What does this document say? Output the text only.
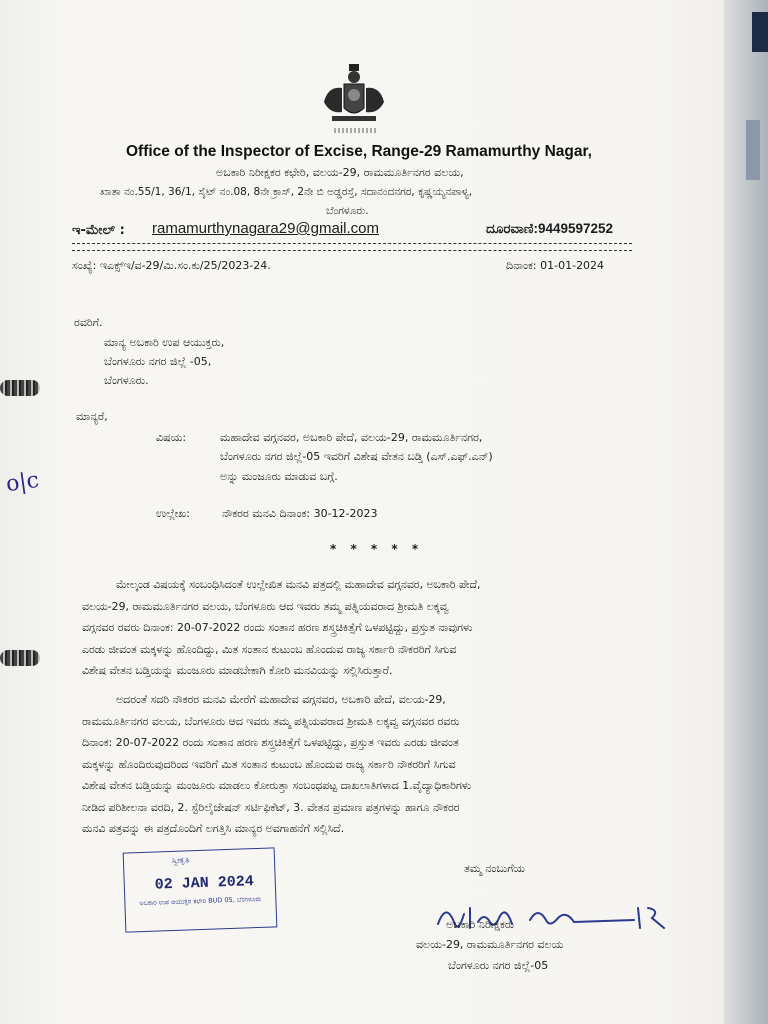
Office of the Inspector of Excise, Range-29 Ramamurthy Nagar,
ಅಬಕಾರಿ ನಿರೀಕ್ಷಕರ ಕಛೇರಿ, ವಲಯ-29, ರಾಮಮೂರ್ತಿನಗರ ವಲಯ,
ಖಾತಾ ನಂ.55/1, 36/1, ಸೈಟ್ ನಂ.08, 8ನೇ ಕ್ರಾಸ್, 2ನೇ ಬಿ ಅಡ್ಡರಸ್ತೆ, ಸದಾನಂದನಗರ, ಕೃಷ್ಣಯ್ಯನಪಾಳ್ಯ,
ಬೆಂಗಳೂರು.
ಇ-ಮೇಲ್ : ramamurthynagara29@gmail.com	ದೂರವಾಣಿ:9449597252
ಸಂಖ್ಯೆ: ಇಎಕ್ಸ್‌ಇ/ವ-29/ಮಿ.ಸಂ.ಕು/25/2023-24.	ದಿನಾಂಕ: 01-01-2024
ರವರಿಗೆ.
ಮಾನ್ಯ ಅಬಕಾರಿ ಉಪ ಆಯುಕ್ತರು,
ಬೆಂಗಳೂರು ನಗರ ಜಿಲ್ಲೆ -05,
ಬೆಂಗಳೂರು.
ಮಾನ್ಯರೆ,
ವಿಷಯ:	ಮಹಾದೇವ ವಗ್ಗನವರ, ಅಬಕಾರಿ ಪೇದೆ, ವಲಯ-29, ರಾಮಮೂರ್ತಿನಗರ,
ಬೆಂಗಳೂರು ನಗರ ಜಿಲ್ಲೆ-05 ಇವರಿಗೆ ವಿಶೇಷ ವೇತನ ಬಡ್ತಿ (ಎಸ್.ಎಫ್.ಎನ್)
ಅನ್ನು ಮಂಜೂರು ಮಾಡುವ ಬಗ್ಗೆ.
ಉಲ್ಲೇಖ:	ನೌಕರರ ಮನವಿ ದಿನಾಂಕ: 30-12-2023
* * * * *
ಮೇಲ್ಕಂಡ ವಿಷಯಕ್ಕೆ ಸಂಬಂಧಿಸಿದಂತೆ ಉಲ್ಲೇಖಿತ ಮನವಿ ಪತ್ರದಲ್ಲಿ ಮಹಾದೇವ ವಗ್ಗನವರ, ಅಬಕಾರಿ ಪೇದೆ,
ವಲಯ-29, ರಾಮಮೂರ್ತಿನಗರ ವಲಯ, ಬೆಂಗಳೂರು ಆದ ಇವರು ತಮ್ಮ ಪತ್ನಿಯವರಾದ ಶ್ರೀಮತಿ ಲಕ್ಕವ್ವ
ವಗ್ಗನವರ ರವರು ದಿನಾಂಕ: 20-07-2022 ರಂದು ಸಂತಾನ ಹರಣ ಶಸ್ತ್ರಚಿಕಿತ್ಸೆಗೆ ಒಳಪಟ್ಟಿದ್ದು, ಪ್ರಸ್ತುತ ನಾವುಗಳು
ಎರಡು ಜೀವಂತ ಮಕ್ಕಳನ್ನು ಹೊಂದಿದ್ದು, ಮಿತ ಸಂತಾನ ಕುಟುಂಬ ಹೊಂದುವ ರಾಜ್ಯ ಸರ್ಕಾರಿ ನೌಕರರಿಗೆ ಸಿಗುವ
ವಿಶೇಷ ವೇತನ ಬಡ್ತಿಯನ್ನು ಮಂಜೂರು ಮಾಡಬೇಕಾಗಿ ಕೋರಿ ಮನವಿಯನ್ನು ಸಲ್ಲಿಸಿರುತ್ತಾರೆ.
ಅದರಂತೆ ಸದರಿ ನೌಕರರ ಮನವಿ ಮೇರೆಗೆ ಮಹಾದೇವ ವಗ್ಗನವರ, ಅಬಕಾರಿ ಪೇದೆ, ವಲಯ-29,
ರಾಮಮೂರ್ತಿನಗರ ವಲಯ, ಬೆಂಗಳೂರು ಆದ ಇವರು ತಮ್ಮ ಪತ್ನಿಯವರಾದ ಶ್ರೀಮತಿ ಲಕ್ಕವ್ವ ವಗ್ಗನವರ ರವರು
ದಿನಾಂಕ: 20-07-2022 ರಂದು ಸಂತಾನ ಹರಣ ಶಸ್ತ್ರಚಿಕಿತ್ಸೆಗೆ ಒಳಪಟ್ಟಿದ್ದು, ಪ್ರಸ್ತುತ ಇವರು ಎರಡು ಜೀವಂತ
ಮಕ್ಕಳನ್ನು ಹೊಂದಿರುವುದರಿಂದ ಇವರಿಗೆ ಮಿತ ಸಂತಾನ ಕುಟುಂಬ ಹೊಂದುವ ರಾಜ್ಯ ಸರ್ಕಾರಿ ನೌಕರರಿಗೆ ಸಿಗುವ
ವಿಶೇಷ ವೇತನ ಬಡ್ತಿಯನ್ನು ಮಂಜೂರು ಮಾಡಲು ಕೋರುತ್ತಾ ಸಂಬಂಧಪಟ್ಟ ದಾಖಲಾತಿಗಳಾದ 1.ವೈದ್ಯಾಧಿಕಾರಿಗಳು
ನೀಡಿದ ಪರಿಶೀಲನಾ ವರದಿ, 2. ಸ್ಟೆರಿಲೈಜೇಷನ್ ಸರ್ಟಿಫಿಕೆಟ್, 3. ವೇತನ ಪ್ರಮಾಣ ಪತ್ರಗಳನ್ನು ಹಾಗೂ ನೌಕರರ
ಮನವಿ ಪತ್ರವನ್ನು ಈ ಪತ್ರದೊಂದಿಗೆ ಲಗತ್ತಿಸಿ ಮಾನ್ಯರ ಅವಗಾಹನೆಗೆ ಸಲ್ಲಿಸಿದೆ.
ತಮ್ಮ ನಂಬುಗೆಯ
ಸ್ವೀಕೃತಿ
02 JAN 2024
ಅಬಕಾರಿ ಉಪ ಆಯುಕ್ತರ ಕಛೇರಿ BUD 05, ಬೆಂಗಳೂರು
ಅಬಕಾರಿ ನಿರೀಕ್ಷಕರು
ವಲಯ-29, ರಾಮಮೂರ್ತಿನಗರ ವಲಯ
ಬೆಂಗಳೂರು ನಗರ ಜಿಲ್ಲೆ-05
o|c
